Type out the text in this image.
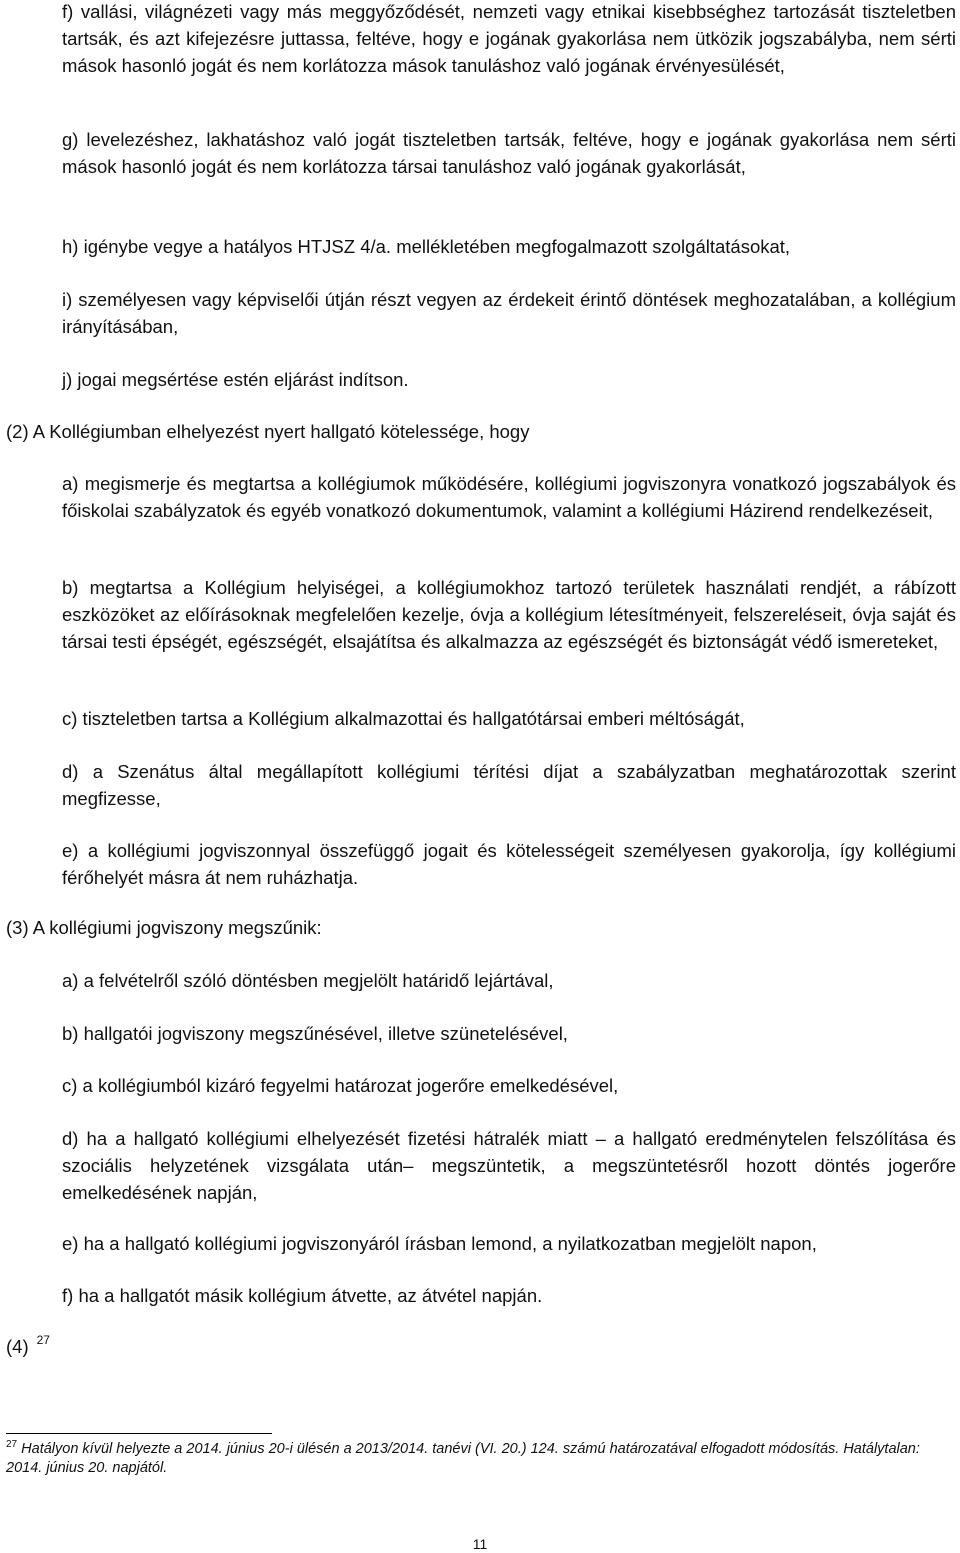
f) vallási, világnézeti vagy más meggyőződését, nemzeti vagy etnikai kisebbséghez tartozását tiszteletben tartsák, és azt kifejezésre juttassa, feltéve, hogy e jogának gyakorlása nem ütközik jogszabályba, nem sérti mások hasonló jogát és nem korlátozza mások tanuláshoz való jogának érvényesülését,

g) levelezéshez, lakhatáshoz való jogát tiszteletben tartsák, feltéve, hogy e jogának gyakorlása nem sérti mások hasonló jogát és nem korlátozza társai tanuláshoz való jogának gyakorlását,

h) igénybe vegye a hatályos HTJSZ 4/a. mellékletében megfogalmazott szolgáltatásokat,

i) személyesen vagy képviselői útján részt vegyen az érdekeit érintő döntések meghozatalában, a kollégium irányításában,

j) jogai megsértése estén eljárást indítson.

(2) A Kollégiumban elhelyezést nyert hallgató kötelessége, hogy

a) megismerje és megtartsa a kollégiumok működésére, kollégiumi jogviszonyra vonatkozó jogszabályok és főiskolai szabályzatok és egyéb vonatkozó dokumentumok, valamint a kollégiumi Házirend rendelkezéseit,

b) megtartsa a Kollégium helyiségei, a kollégiumokhoz tartozó területek használati rendjét, a rábízott eszközöket az előírásoknak megfelelően kezelje, óvja a kollégium létesítményeit, felszereléseit, óvja saját és társai testi épségét, egészségét, elsajátítsa és alkalmazza az egészségét és biztonságát védő ismereteket,

c) tiszteletben tartsa a Kollégium alkalmazottai és hallgatótársai emberi méltóságát,

d) a Szenátus által megállapított kollégiumi térítési díjat a szabályzatban meghatározottak szerint megfizesse,

e) a kollégiumi jogviszonnyal összefüggő jogait és kötelességeit személyesen gyakorolja, így kollégiumi férőhelyét másra át nem ruházhatja.

(3) A kollégiumi jogviszony megszűnik:

a) a felvételről szóló döntésben megjelölt határidő lejártával,

b) hallgatói jogviszony megszűnésével, illetve szünetelésével,

c) a kollégiumból kizáró fegyelmi határozat jogerőre emelkedésével,

d) ha a hallgató kollégiumi elhelyezését fizetési hátralék miatt – a hallgató eredménytelen felszólítása és szociális helyzetének vizsgálata után– megszüntetik, a megszüntetésről hozott döntés jogerőre emelkedésének napján,

e) ha a hallgató kollégiumi jogviszonyáról írásban lemond, a nyilatkozatban megjelölt napon,

f) ha a hallgatót másik kollégium átvette, az átvétel napján.

(4) $^{27}$

$^{27}$ Hatályon kívül helyezte a 2014. június 20-i ülésén a 2013/2014. tanévi (VI. 20.) 124. számú határozatával elfogadott módosítás. Hatálytalan: 2014. június 20. napjától.

11
